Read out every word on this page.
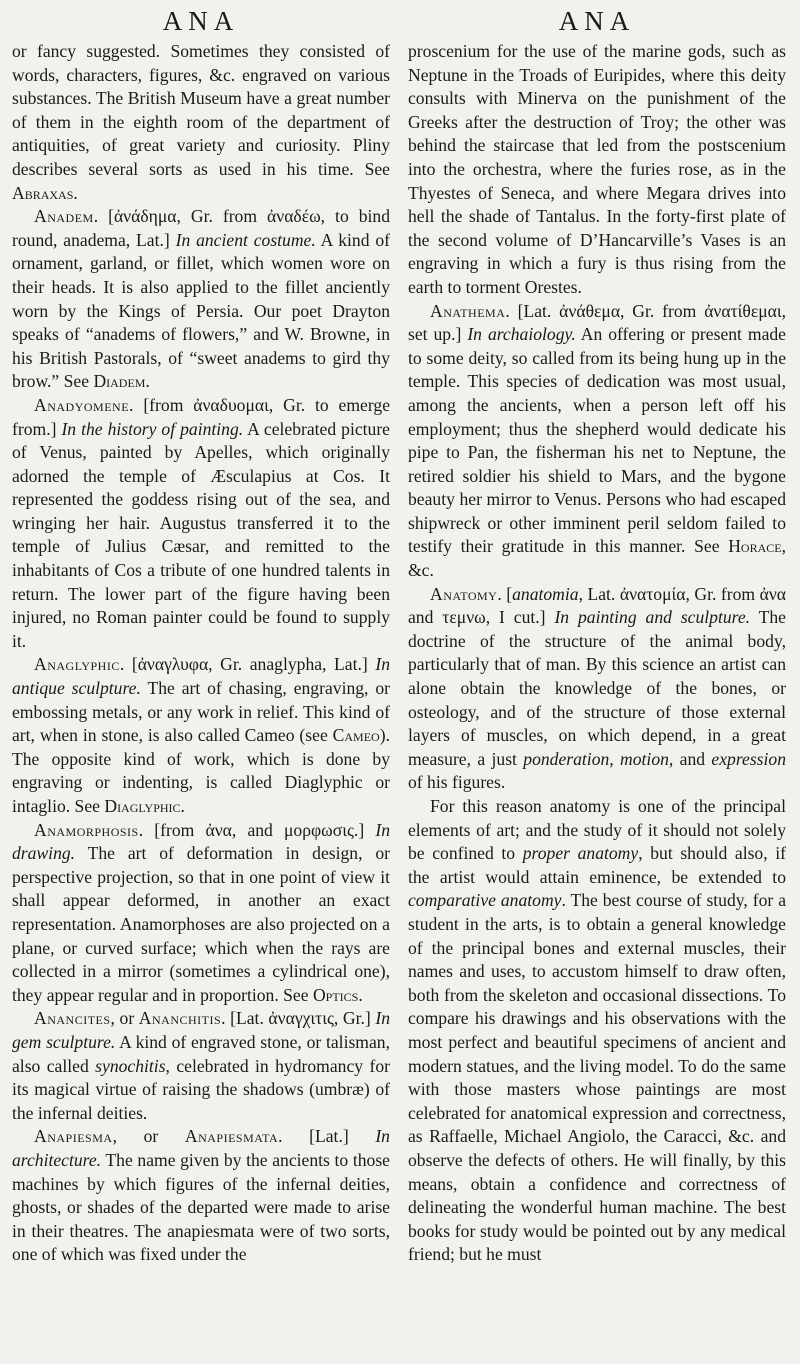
ANA

or fancy suggested. Sometimes they consisted of words, characters, figures, &c. engraved on various substances. The British Museum have a great number of them in the eighth room of the department of antiquities, of great variety and curiosity. Pliny describes several sorts as used in his time. See Abraxas.

Anadem. [ἀνάδημα, Gr. from ἀναδέω, to bind round, anadema, Lat.] In ancient costume. A kind of ornament, garland, or fillet, which women wore on their heads. It is also applied to the fillet anciently worn by the Kings of Persia. Our poet Drayton speaks of “anadems of flowers,” and W. Browne, in his British Pastorals, of “sweet anadems to gird thy brow.” See Diadem.

Anadyomene. [from ἀναδυομαι, Gr. to emerge from.] In the history of painting. A celebrated picture of Venus, painted by Apelles, which originally adorned the temple of Æsculapius at Cos. It represented the goddess rising out of the sea, and wringing her hair. Augustus transferred it to the temple of Julius Cæsar, and remitted to the inhabitants of Cos a tribute of one hundred talents in return. The lower part of the figure having been injured, no Roman painter could be found to supply it.

Anaglyphic. [ἀναγλυφα, Gr. anaglypha, Lat.] In antique sculpture. The art of chasing, engraving, or embossing metals, or any work in relief. This kind of art, when in stone, is also called Cameo (see Cameo). The opposite kind of work, which is done by engraving or indenting, is called Diaglyphic or intaglio. See Diaglyphic.

Anamorphosis. [from ἀνα, and μορφωσις.] In drawing. The art of deformation in design, or perspective projection, so that in one point of view it shall appear deformed, in another an exact representation. Anamorphoses are also projected on a plane, or curved surface; which when the rays are collected in a mirror (sometimes a cylindrical one), they appear regular and in proportion. See Optics.

Anancites, or Ananchitis. [Lat. ἀναγχιτις, Gr.] In gem sculpture. A kind of engraved stone, or talisman, also called synochitis, celebrated in hydromancy for its magical virtue of raising the shadows (umbræ) of the infernal deities.

Anapiesma, or Anapiesmata. [Lat.] In architecture. The name given by the ancients to those machines by which figures of the infernal deities, ghosts, or shades of the departed were made to arise in their theatres. The anapiesmata were of two sorts, one of which was fixed under the

ANA

proscenium for the use of the marine gods, such as Neptune in the Troads of Euripides, where this deity consults with Minerva on the punishment of the Greeks after the destruction of Troy; the other was behind the staircase that led from the postscenium into the orchestra, where the furies rose, as in the Thyestes of Seneca, and where Megara drives into hell the shade of Tantalus. In the forty-first plate of the second volume of D’Hancarville’s Vases is an engraving in which a fury is thus rising from the earth to torment Orestes.

Anathema. [Lat. ἀνάθεμα, Gr. from ἀνατίθεμαι, set up.] In archaiology. An offering or present made to some deity, so called from its being hung up in the temple. This species of dedication was most usual, among the ancients, when a person left off his employment; thus the shepherd would dedicate his pipe to Pan, the fisherman his net to Neptune, the retired soldier his shield to Mars, and the bygone beauty her mirror to Venus. Persons who had escaped shipwreck or other imminent peril seldom failed to testify their gratitude in this manner. See Horace, &c.

Anatomy. [anatomia, Lat. ἀνατομία, Gr. from ἀνα and τεμνω, I cut.] In painting and sculpture. The doctrine of the structure of the animal body, particularly that of man. By this science an artist can alone obtain the knowledge of the bones, or osteology, and of the structure of those external layers of muscles, on which depend, in a great measure, a just ponderation, motion, and expression of his figures.

For this reason anatomy is one of the principal elements of art; and the study of it should not solely be confined to proper anatomy, but should also, if the artist would attain eminence, be extended to comparative anatomy. The best course of study, for a student in the arts, is to obtain a general knowledge of the principal bones and external muscles, their names and uses, to accustom himself to draw often, both from the skeleton and occasional dissections. To compare his drawings and his observations with the most perfect and beautiful specimens of ancient and modern statues, and the living model. To do the same with those masters whose paintings are most celebrated for anatomical expression and correctness, as Raffaelle, Michael Angiolo, the Caracci, &c. and observe the defects of others. He will finally, by this means, obtain a confidence and correctness of delineating the wonderful human machine. The best books for study would be pointed out by any medical friend; but he must
